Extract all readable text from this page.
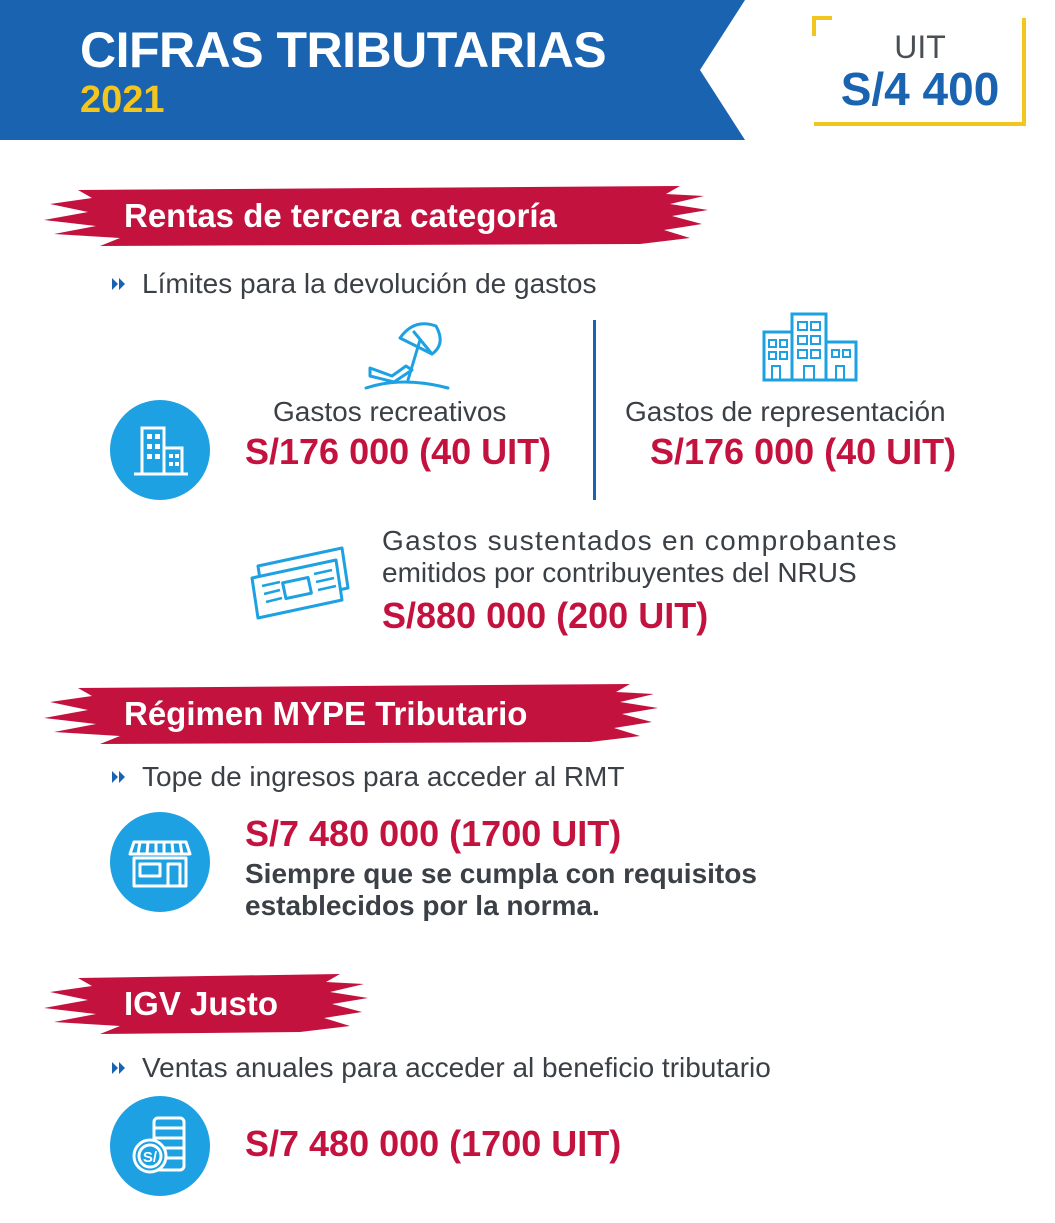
CIFRAS TRIBUTARIAS
2021
UIT
S/4 400
Rentas de tercera categoría
Límites para la devolución de gastos
Gastos recreativos
S/176 000 (40 UIT)
Gastos de representación
S/176 000 (40 UIT)
Gastos sustentados en comprobantes
emitidos por contribuyentes del NRUS
S/880 000 (200 UIT)
Régimen MYPE Tributario
Tope de ingresos para acceder al RMT
S/7 480 000 (1700 UIT)
Siempre que se cumpla con requisitos
establecidos por la norma.
IGV Justo
Ventas anuales para acceder al beneficio tributario
S/ S/7 480 000 (1700 UIT)
